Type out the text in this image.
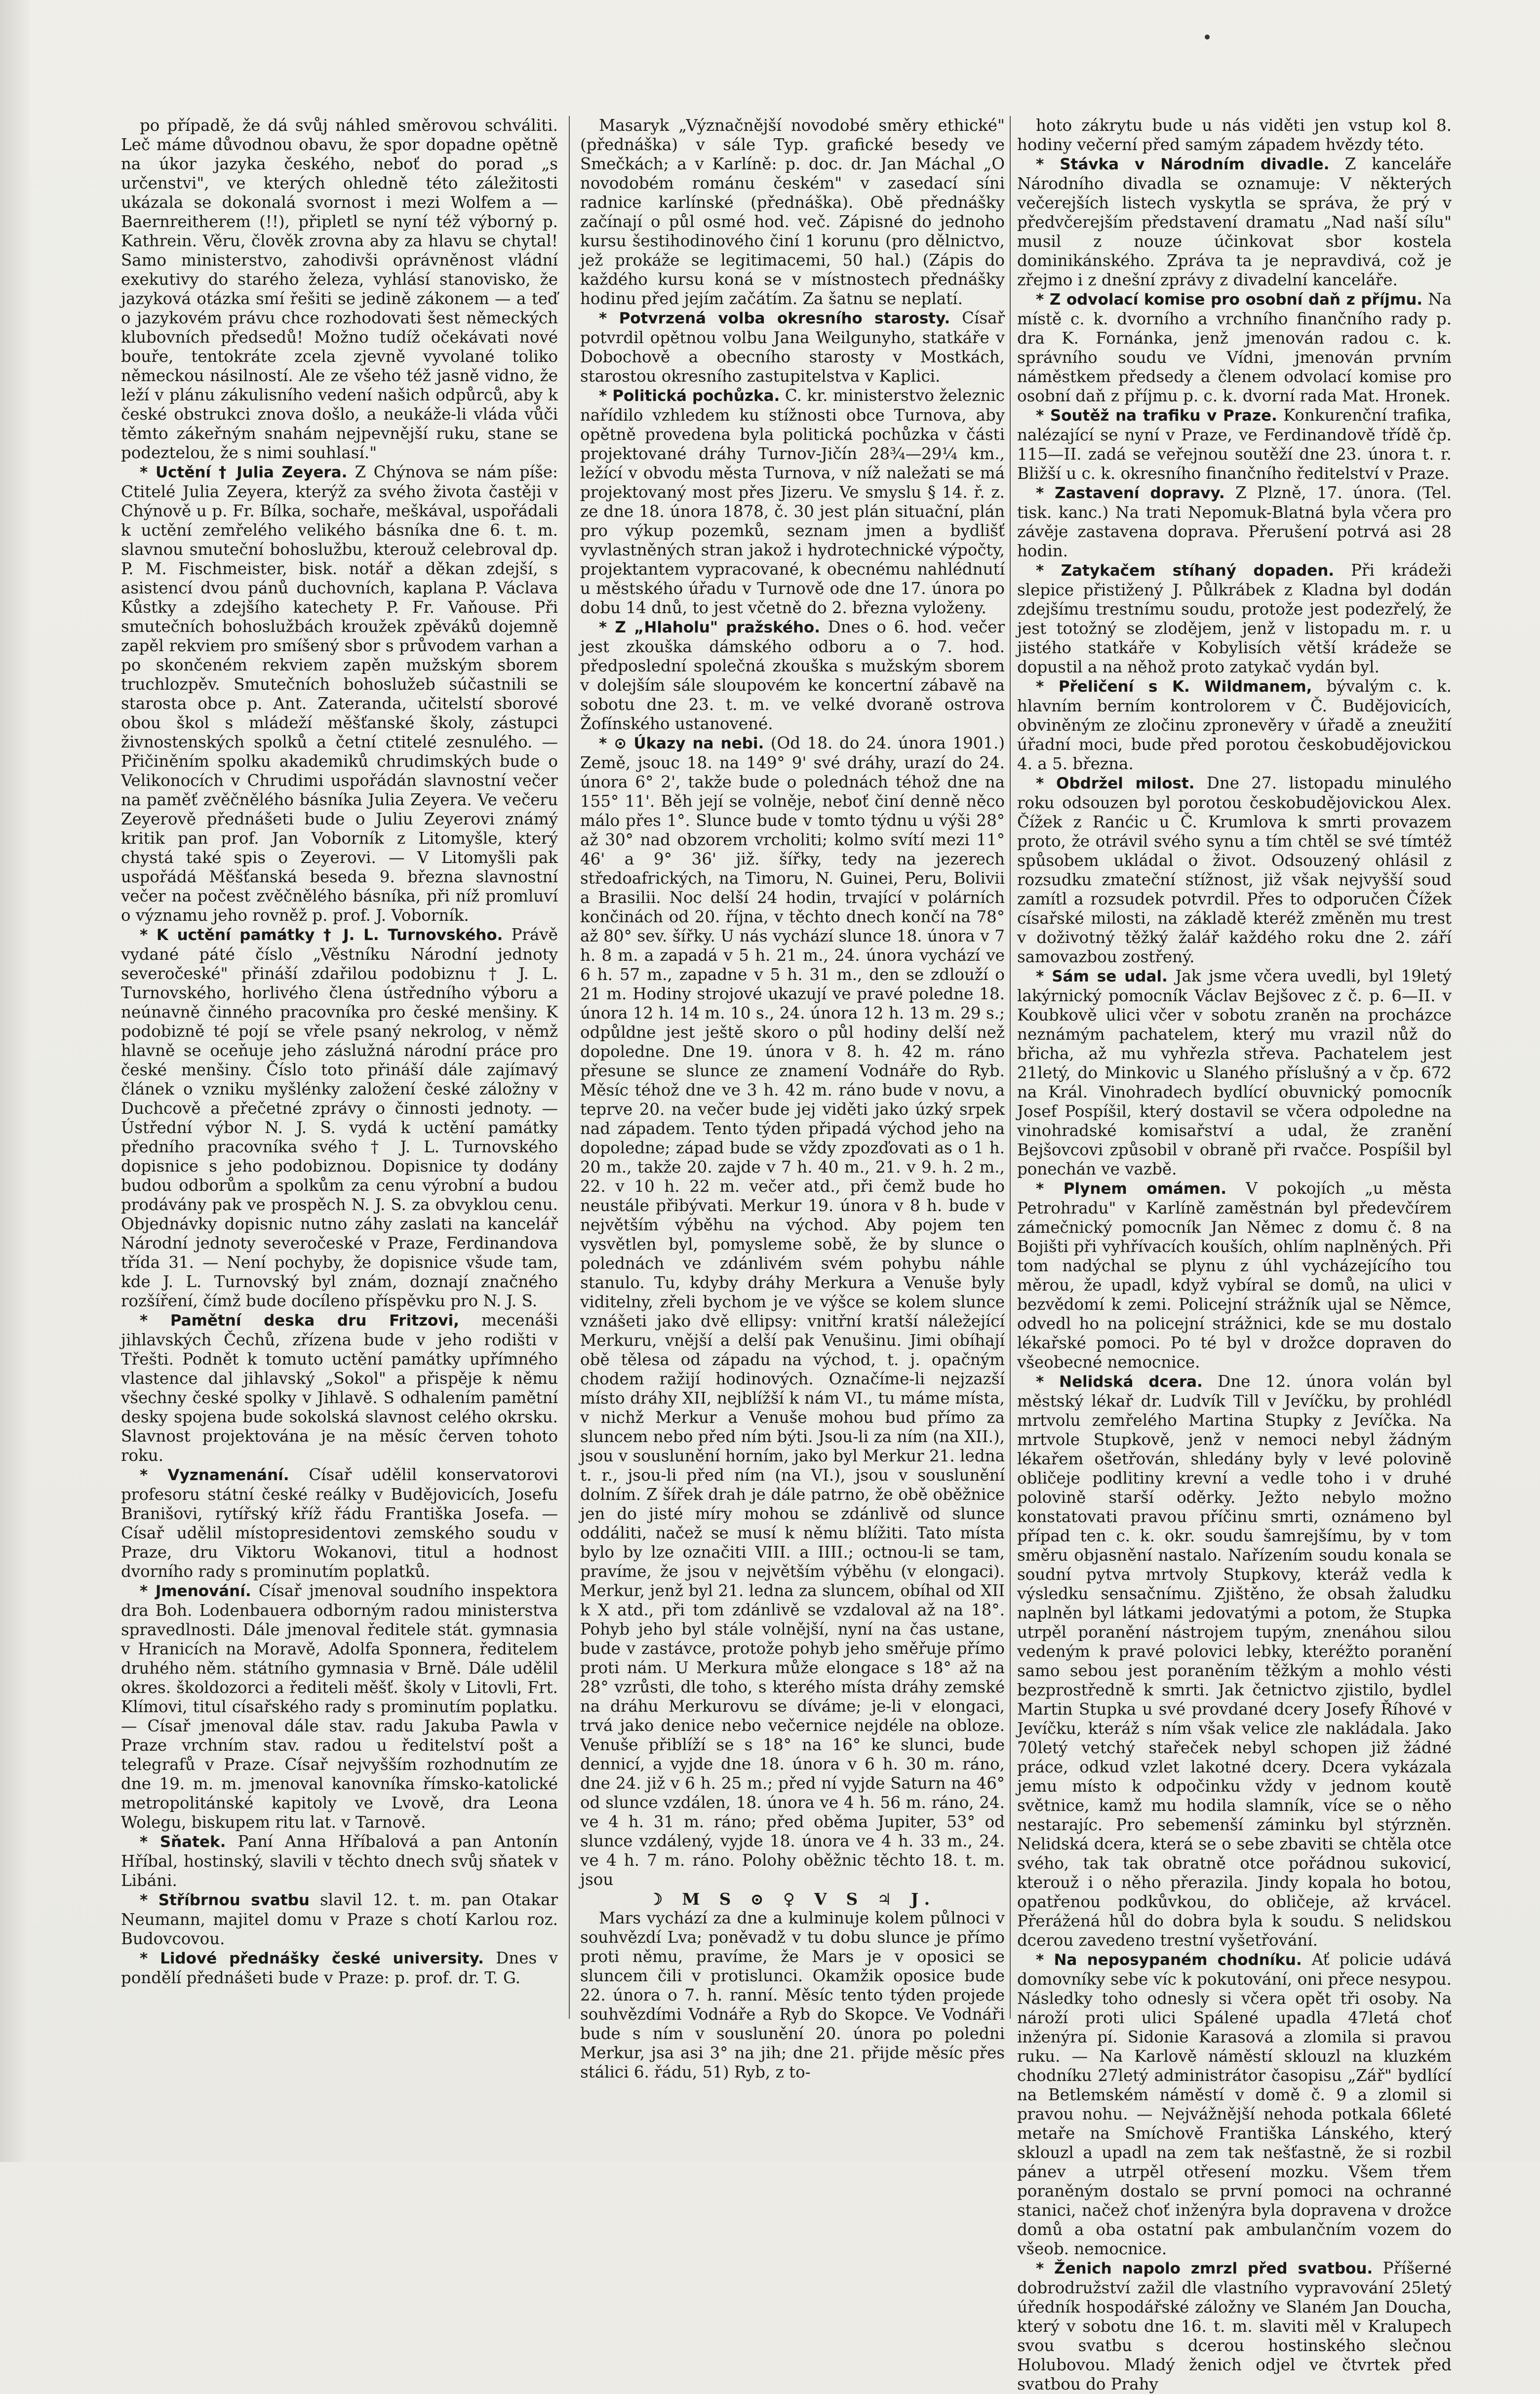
po případě, že dá svůj náhled směrovou schváliti. Leč máme důvodnou obavu, že spor dopadne opětně na úkor jazyka českého, neboť do porad „s určenstvi", ve kterých ohledně této záležitosti ukázala se dokonalá svornost i mezi Wolfem a — Baernreitherem (!!), připletl se nyní též výborný p. Kathrein. Věru, člověk zrovna aby za hlavu se chytal! Samo ministerstvo, zahodivši oprávněnost vládní exekutivy do starého železa, vyhlásí stanovisko, že jazyková otázka smí řešiti se jedině zákonem — a teď o jazykovém právu chce rozhodovati šest německých klubovních předsedů! Možno tudíž očekávati nové bouře, tentokráte zcela zjevně vyvolané toliko německou násilností. Ale ze všeho též jasně vidno, že leží v plánu zákulisního vedení našich odpůrců, aby k české obstrukci znova došlo, a neukáže-li vláda vůči těmto zákeřným snahám nejpevnější ruku, stane se podeztelou, že s nimi souhlasí."

* Uctění † Julia Zeyera. Z Chýnova se nám píše: Ctitelé Julia Zeyera, kterýž za svého života častěji v Chýnově u p. Fr. Bílka, sochaře, meškával, uspořádali k uctění zemřelého velikého básníka dne 6. t. m. slavnou smuteční bohoslužbu, kterouž celebroval dp. P. M. Fischmeister, bisk. notář a děkan zdejší, s asistencí dvou pánů duchovních, kaplana P. Václava Kůstky a zdejšího katechety P. Fr. Vaňouse. Při smutečních bohoslužbách kroužek zpěváků dojemně zapěl rekviem pro smíšený sbor s průvodem varhan a po skončeném rekviem zapěn mužským sborem truchlozpěv. Smutečních bohoslužeb súčastnili se starosta obce p. Ant. Zateranda, učitelstí sborové obou škol s mládeží měšťanské školy, zástupci živnostenských spolků a četní ctitelé zesnulého. — Přičiněním spolku akademiků chrudimských bude o Velikonocích v Chrudimi uspořádán slavnostní večer na paměť zvěčnělého básníka Julia Zeyera. Ve večeru Zeyerově přednášeti bude o Juliu Zeyerovi známý kritik pan prof. Jan Voborník z Litomyšle, který chystá také spis o Zeyerovi. — V Litomyšli pak uspořádá Měšťanská beseda 9. března slavnostní večer na počest zvěčnělého básníka, při níž promluví o významu jeho rovněž p. prof. J. Voborník.

* K uctění památky † J. L. Turnovského. Právě vydané páté číslo „Věstníku Národní jednoty severočeské" přináší zdařilou podobiznu † J. L. Turnovského, horlivého člena ústředního výboru a neúnavně činného pracovníka pro české menšiny. K podobizně té pojí se vřele psaný nekrolog, v němž hlavně se oceňuje jeho záslužná národní práce pro české menšiny. Číslo toto přináší dále zajímavý článek o vzniku myšlénky založení české záložny v Duchcově a přečetné zprávy o činnosti jednoty. — Ústřední výbor N. J. S. vydá k uctění památky předního pracovníka svého † J. L. Turnovského dopisnice s jeho podobiznou. Dopisnice ty dodány budou odborům a spolkům za cenu výrobní a budou prodávány pak ve prospěch N. J. S. za obvyklou cenu. Objednávky dopisnic nutno záhy zaslati na kancelář Národní jednoty severočeské v Praze, Ferdinandova třída 31. — Není pochyby, že dopisnice všude tam, kde J. L. Turnovský byl znám, doznají značného rozšíření, čímž bude docíleno příspěvku pro N. J. S.

* Pamětní deska dru Fritzovi, mecenáši jihlavských Čechů, zřízena bude v jeho rodišti v Třešti. Podnět k tomuto uctění památky upřímného vlastence dal jihlavský „Sokol" a přispěje k němu všechny české spolky v Jihlavě. S odhalením pamětní desky spojena bude sokolská slavnost celého okrsku. Slavnost projektována je na měsíc červen tohoto roku.

* Vyznamenání. Císař udělil konservatorovi profesoru státní české reálky v Budějovicích, Josefu Branišovi, rytířský kříž řádu Františka Josefa. — Císař udělil místopresidentovi zemského soudu v Praze, dru Viktoru Wokanovi, titul a hodnost dvorního rady s prominutím poplatků.

* Jmenování. Císař jmenoval soudního inspektora dra Boh. Lodenbauera odborným radou ministerstva spravedlnosti. Dále jmenoval ředitele stát. gymnasia v Hranicích na Moravě, Adolfa Sponnera, ředitelem druhého něm. státního gymnasia v Brně. Dále udělil okres. školdozorci a řediteli měšť. školy v Litovli, Frt. Klímovi, titul císařského rady s prominutím poplatku. — Císař jmenoval dále stav. radu Jakuba Pawla v Praze vrchním stav. radou u ředitelství pošt a telegrafů v Praze. Císař nejvyšším rozhodnutím ze dne 19. m. m. jmenoval kanovníka římsko-katolické metropolitánské kapitoly ve Lvově, dra Leona Wolegu, biskupem ritu lat. v Tarnově.

* Sňatek. Paní Anna Hříbalová a pan Antonín Hříbal, hostinský, slavili v těchto dnech svůj sňatek v Libáni.

* Stříbrnou svatbu slavil 12. t. m. pan Otakar Neumann, majitel domu v Praze s chotí Karlou roz. Budovcovou.

* Lidové přednášky české university. Dnes v pondělí přednášeti bude v Praze: p. prof. dr. T. G.

Masaryk „Význačnější novodobé směry ethické" (přednáška) v sále Typ. grafické besedy ve Smečkách; a v Karlíně: p. doc. dr. Jan Máchal „O novodobém románu českém" v zasedací síni radnice karlínské (přednáška). Obě přednášky začínají o půl osmé hod. več. Zápisné do jednoho kursu šestihodinového činí 1 korunu (pro dělnictvo, jež prokáže se legitimacemi, 50 hal.) (Zápis do každého kursu koná se v místnostech přednášky hodinu před jejím začátím. Za šatnu se neplatí.

* Potvrzená volba okresního starosty. Císař potvrdil opětnou volbu Jana Weilgunyho, statkáře v Dobochově a obecního starosty v Mostkách, starostou okresního zastupitelstva v Kaplici.

* Politická pochůzka. C. kr. ministerstvo železnic nařídilo vzhledem ku stížnosti obce Turnova, aby opětně provedena byla politická pochůzka v části projektované dráhy Turnov-Jičín 28¾—29¼ km., ležící v obvodu města Turnova, v níž naležati se má projektovaný most přes Jizeru. Ve smyslu § 14. ř. z. ze dne 18. února 1878, č. 30 jest plán situační, plán pro výkup pozemků, seznam jmen a bydlišť vyvlastněných stran jakož i hydrotechnické výpočty, projektantem vypracované, k obecnému nahlédnutí u městského úřadu v Turnově ode dne 17. února po dobu 14 dnů, to jest včetně do 2. března vyloženy.

* Z „Hlaholu" pražského. Dnes o 6. hod. večer jest zkouška dámského odboru a o 7. hod. předposlední společná zkouška s mužským sborem v dolejším sále sloupovém ke koncertní zábavě na sobotu dne 23. t. m. ve velké dvoraně ostrova Žofínského ustanovené.

* ⊙ Úkazy na nebi. (Od 18. do 24. února 1901.) Země, jsouc 18. na 149° 9' své dráhy, urazí do 24. února 6° 2', takže bude o polednách téhož dne na 155° 11'. Běh její se volněje, neboť činí denně něco málo přes 1°. Slunce bude v tomto týdnu u výši 28° až 30° nad obzorem vrcholiti; kolmo svítí mezi 11° 46' a 9° 36' již. šířky, tedy na jezerech středoafrických, na Timoru, N. Guinei, Peru, Bolivii a Brasilii. Noc delší 24 hodin, trvající v polárních končinách od 20. října, v těchto dnech končí na 78° až 80° sev. šířky. U nás vychází slunce 18. února v 7 h. 8 m. a zapadá v 5 h. 21 m., 24. února vychází ve 6 h. 57 m., zapadne v 5 h. 31 m., den se zdlouží o 21 m. Hodiny strojové ukazují ve pravé poledne 18. února 12 h. 14 m. 10 s., 24. února 12 h. 13 m. 29 s.; odpůldne jest ještě skoro o půl hodiny delší než dopoledne. Dne 19. února v 8. h. 42 m. ráno přesune se slunce ze znamení Vodnáře do Ryb. Měsíc téhož dne ve 3 h. 42 m. ráno bude v novu, a teprve 20. na večer bude jej viděti jako úzký srpek nad západem. Tento týden připadá východ jeho na dopoledne; západ bude se vždy zpozďovati as o 1 h. 20 m., takže 20. zajde v 7 h. 40 m., 21. v 9. h. 2 m., 22. v 10 h. 22 m. večer atd., při čemž bude ho neustále přibývati. Merkur 19. února v 8 h. bude v největším výběhu na východ. Aby pojem ten vysvětlen byl, pomysleme sobě, že by slunce o polednách ve zdánlivém svém pohybu náhle stanulo. Tu, kdyby dráhy Merkura a Venuše byly viditelny, zřeli bychom je ve výšce se kolem slunce vznášeti jako dvě ellipsy: vnitřní kratší náležející Merkuru, vnější a delší pak Venušinu. Jimi obíhají obě tělesa od západu na východ, t. j. opačným chodem ražijí hodinových. Označíme-li nejzazší místo dráhy XII, nejblížší k nám VI., tu máme místa, v nichž Merkur a Venuše mohou bud přímo za sluncem nebo před ním býti. Jsou-li za ním (na XII.), jsou v souslunění horním, jako byl Merkur 21. ledna t. r., jsou-li před ním (na VI.), jsou v souslunění dolním. Z šířek drah je dále patrno, že obě oběžnice jen do jisté míry mohou se zdánlivě od slunce oddáliti, načež se musí k němu blížiti. Tato místa bylo by lze označiti VIII. a IIII.; octnou-li se tam, pravíme, že jsou v největším výběhu (v elongaci). Merkur, jenž byl 21. ledna za sluncem, obíhal od XII k X atd., při tom zdánlivě se vzdaloval až na 18°. Pohyb jeho byl stále volnější, nyní na čas ustane, bude v zastávce, protože pohyb jeho směřuje přímo proti nám. U Merkura může elongace s 18° až na 28° vzrůsti, dle toho, s kterého místa dráhy zemské na dráhu Merkurovu se díváme; je-li v elongaci, trvá jako denice nebo večernice nejdéle na obloze. Venuše přiblíží se s 18° na 16° ke slunci, bude dennicí, a vyjde dne 18. února v 6 h. 30 m. ráno, dne 24. již v 6 h. 25 m.; před ní vyjde Saturn na 46° od slunce vzdálen, 18. února ve 4 h. 56 m. ráno, 24. ve 4 h. 31 m. ráno; před oběma Jupiter, 53° od slunce vzdálený, vyjde 18. února ve 4 h. 33 m., 24. ve 4 h. 7 m. ráno. Polohy oběžnic těchto 18. t. m. jsou

☽ M S ⊙ ♀ V S ♃ J.

Mars vychází za dne a kulminuje kolem půlnoci v souhvězdí Lva; poněvadž v tu dobu slunce je přímo proti němu, pravíme, že Mars je v oposici se sluncem čili v protislunci. Okamžik oposice bude 22. února o 7. h. ranní. Měsíc tento týden projede souhvězdími Vodnáře a Ryb do Skopce. Ve Vodnáři bude s ním v souslunění 20. února po poledni Merkur, jsa asi 3° na jih; dne 21. přijde měsíc přes stálici 6. řádu, 51) Ryb, z to-

hoto zákrytu bude u nás viděti jen vstup kol 8. hodiny večerní před samým západem hvězdy této.

* Stávka v Národním divadle. Z kanceláře Národního divadla se oznamuje: V některých večerejších listech vyskytla se správa, že prý v předvčerejším představení dramatu „Nad naší sílu" musil z nouze účinkovat sbor kostela dominikánského. Zpráva ta je nepravdivá, což je zřejmo i z dnešní zprávy z divadelní kanceláře.

* Z odvolací komise pro osobní daň z příjmu. Na místě c. k. dvorního a vrchního finančního rady p. dra K. Fornánka, jenž jmenován radou c. k. správního soudu ve Vídni, jmenován prvním náměstkem předsedy a členem odvolací komise pro osobní daň z příjmu p. c. k. dvorní rada Mat. Hronek.

* Soutěž na trafiku v Praze. Konkurenční trafika, nalézající se nyní v Praze, ve Ferdinandově třídě čp. 115—II. zadá se veřejnou soutěží dne 23. února t. r. Bližší u c. k. okresního finančního ředitelství v Praze.

* Zastavení dopravy. Z Plzně, 17. února. (Tel. tisk. kanc.) Na trati Nepomuk-Blatná byla včera pro závěje zastavena doprava. Přerušení potrvá asi 28 hodin.

* Zatykačem stíhaný dopaden. Při krádeži slepice přistižený J. Půlkrábek z Kladna byl dodán zdejšímu trestnímu soudu, protože jest podezřelý, že jest totožný se zlodějem, jenž v listopadu m. r. u jistého statkáře v Kobylisích větší krádeže se dopustil a na něhož proto zatykač vydán byl.

* Přeličení s K. Wildmanem, bývalým c. k. hlavním berním kontrolorem v Č. Budějovicích, obviněným ze zločinu zpronevěry v úřadě a zneužití úřadní moci, bude před porotou českobudějovickou 4. a 5. března.

* Obdržel milost. Dne 27. listopadu minulého roku odsouzen byl porotou českobudějovickou Alex. Čížek z Ranćic u Č. Krumlova k smrti provazem proto, že otrávil svého synu a tím chtěl se své tímtéž spůsobem ukládal o život. Odsouzený ohlásil z rozsudku zmateční stížnost, již však nejvyšší soud zamítl a rozsudek potvrdil. Přes to odporučen Čížek císařské milosti, na základě kteréž změněn mu trest v doživotný těžký žalář každého roku dne 2. září samovazbou zostřený.

* Sám se udal. Jak jsme včera uvedli, byl 19letý lakýrnický pomocník Václav Bejšovec z č. p. 6—II. v Koubkově ulici včer v sobotu zraněn na procházce neznámým pachatelem, který mu vrazil nůž do břicha, až mu vyhřezla střeva. Pachatelem jest 21letý, do Minkovic u Slaného příslušný a v čp. 672 na Král. Vinohradech bydlící obuvnický pomocník Josef Pospíšil, který dostavil se včera odpoledne na vinohradské komisařství a udal, že zranění Bejšovcovi způsobil v obraně při rvačce. Pospíšil byl ponechán ve vazbě.

* Plynem omámen. V pokojích „u města Petrohradu" v Karlíně zaměstnán byl předevčírem zámečnický pomocník Jan Němec z domu č. 8 na Bojišti při vyhřívacích kouších, ohlím naplněných. Při tom nadýchal se plynu z úhl vycházejícího tou měrou, že upadl, když vybíral se domů, na ulici v bezvědomí k zemi. Policejní strážník ujal se Němce, odvedl ho na policejní strážnici, kde se mu dostalo lékařské pomoci. Po té byl v drožce dopraven do všeobecné nemocnice.

* Nelidská dcera. Dne 12. února volán byl městský lékař dr. Ludvík Till v Jevíčku, by prohlédl mrtvolu zemřelého Martina Stupky z Jevíčka. Na mrtvole Stupkově, jenž v nemoci nebyl žádným lékařem ošetřován, shledány byly v levé polovině obličeje podlitiny krevní a vedle toho i v druhé polovině starší oděrky. Ježto nebylo možno konstatovati pravou příčinu smrti, oznámeno byl případ ten c. k. okr. soudu šamrejšímu, by v tom směru objasnění nastalo. Nařízením soudu konala se soudní pytva mrtvoly Stupkovy, kteráž vedla k výsledku sensačnímu. Zjištěno, že obsah žaludku naplněn byl látkami jedovatými a potom, že Stupka utrpěl poranění nástrojem tupým, znenáhou silou vedeným k pravé polovici lebky, kteréžto poranění samo sebou jest poraněním těžkým a mohlo vésti bezprostředně k smrti. Jak četnictvo zjistilo, bydlel Martin Stupka u své provdané dcery Josefy Říhové v Jevíčku, kteráž s ním však velice zle nakládala. Jako 70letý vetchý stařeček nebyl schopen již žádné práce, odkud vzlet lakotné dcery. Dcera vykázala jemu místo k odpočinku vždy v jednom koutě světnice, kamž mu hodila slamník, více se o něho nestarajíc. Pro sebemenší záminku byl stýrzněn. Nelidská dcera, která se o sebe zbaviti se chtěla otce svého, tak tak obratně otce pořádnou sukovicí, kterouž i o něho přerazila. Jindy kopala ho botou, opatřenou podkůvkou, do obličeje, až krvácel. Přerážená hůl do dobra byla k soudu. S nelidskou dcerou zavedeno trestní vyšetřování.

* Na neposypaném chodníku. Ať policie udává domovníky sebe víc k pokutování, oni přece nesypou. Následky toho odnesly si včera opět tři osoby. Na nároží proti ulici Spálené upadla 47letá choť inženýra pí. Sidonie Karasová a zlomila si pravou ruku. — Na Karlově náměstí sklouzl na kluzkém chodníku 27letý administrátor časopisu „Zář" bydlící na Betlemském náměstí v domě č. 9 a zlomil si pravou nohu. — Nejvážnější nehoda potkala 66leté metaře na Smíchově Františka Lánského, který sklouzl a upadl na zem tak nešťastně, že si rozbil pánev a utrpěl otřesení mozku. Všem třem poraněným dostalo se první pomoci na ochranné stanici, načež choť inženýra byla dopravena v drožce domů a oba ostatní pak ambulančním vozem do všeob. nemocnice.

* Ženich napolo zmrzl před svatbou. Příšerné dobrodružství zažil dle vlastního vypravování 25letý úředník hospodářské záložny ve Slaném Jan Doucha, který v sobotu dne 16. t. m. slaviti měl v Kralupech svou svatbu s dcerou hostinského slečnou Holubovou. Mladý ženich odjel ve čtvrtek před svatbou do Prahy
